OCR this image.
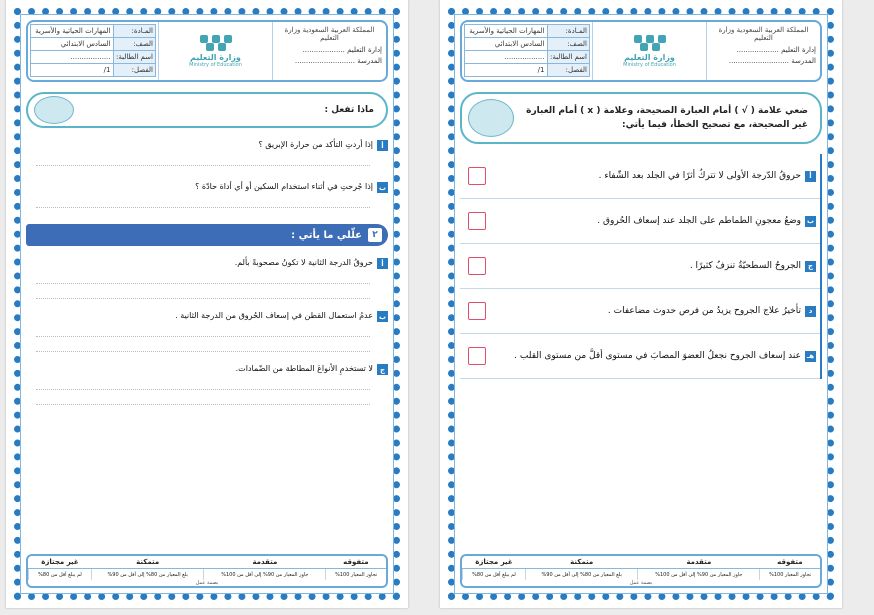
المملكة العربية السعودية وزارة التعليم
إدارة التعليم ...................
المدرسة ...........................
وزارة التعليم
Ministry of Education
المـادة:	المهارات الحياتية والأسرية
الصف:	السادس الابتدائي
اسم الطالبة:	..................
الفصل:	1/
ماذا تفعل :
أ
إذا أردتِ التأكد من حرارة الإبريق ؟
ب
إذا جُرحتِ في أثناء استخدام السكين أو أي أداة حادّة ؟
٢
علّلي ما يأتي :
أ
حروقُ الدرجة الثانية لا تكونُ مصحوبةً بألم.
ب
عدمُ استعمال القطن في إسعاف الحُروق من الدرجة الثانية .
ج
لا تستخدمِ الأنواعَ المطاطة من الضّمادات.
متفوقه	متقدمة	متمكنة	غير مجتازة
تجاوز المعيار 100%	جاوز المعيار من 90% إلى أقل من 100%	بلغ المعيار من 80% إلى أقل من 90%	لم يبلغ أقل من 80%
بصمة عمل
المملكة العربية السعودية وزارة التعليم
إدارة التعليم ...................
المدرسة ...........................
وزارة التعليم
Ministry of Education
المـادة:	المهارات الحياتية والأسرية
الصف:	السادس الابتدائي
اسم الطالبة:	..................
الفصل:	1/
ضعي علامة ( √ ) أمام العبارة الصحيحة، وعلامة ( x ) أمام العبارة غير الصحيحة، مع تصحيح الخطأ، فيما يأتي:
أ
حروقُ الدّرجة الأولى لا تتركُ أثرًا في الجلد بعد الشّفاء .
ب
وضعُ معجونِ الطماطم على الجلد عند إسعاف الحُروق .
ج
الجروحُ السطحيّةُ تنزفُ كثيرًا .
د
تأخيرُ علاج الجروح يزيدُ من فرص حدوث مضاعفات .
هـ
عند إسعاف الجروح نجعلُ العضوَ المصابَ في مستوى أقلَّ من مستوى القلب .
متفوقه	متقدمة	متمكنة	غير مجتازة
تجاوز المعيار 100%	جاوز المعيار من 90% إلى أقل من 100%	بلغ المعيار من 80% إلى أقل من 90%	لم يبلغ أقل من 80%
بصمة عمل
